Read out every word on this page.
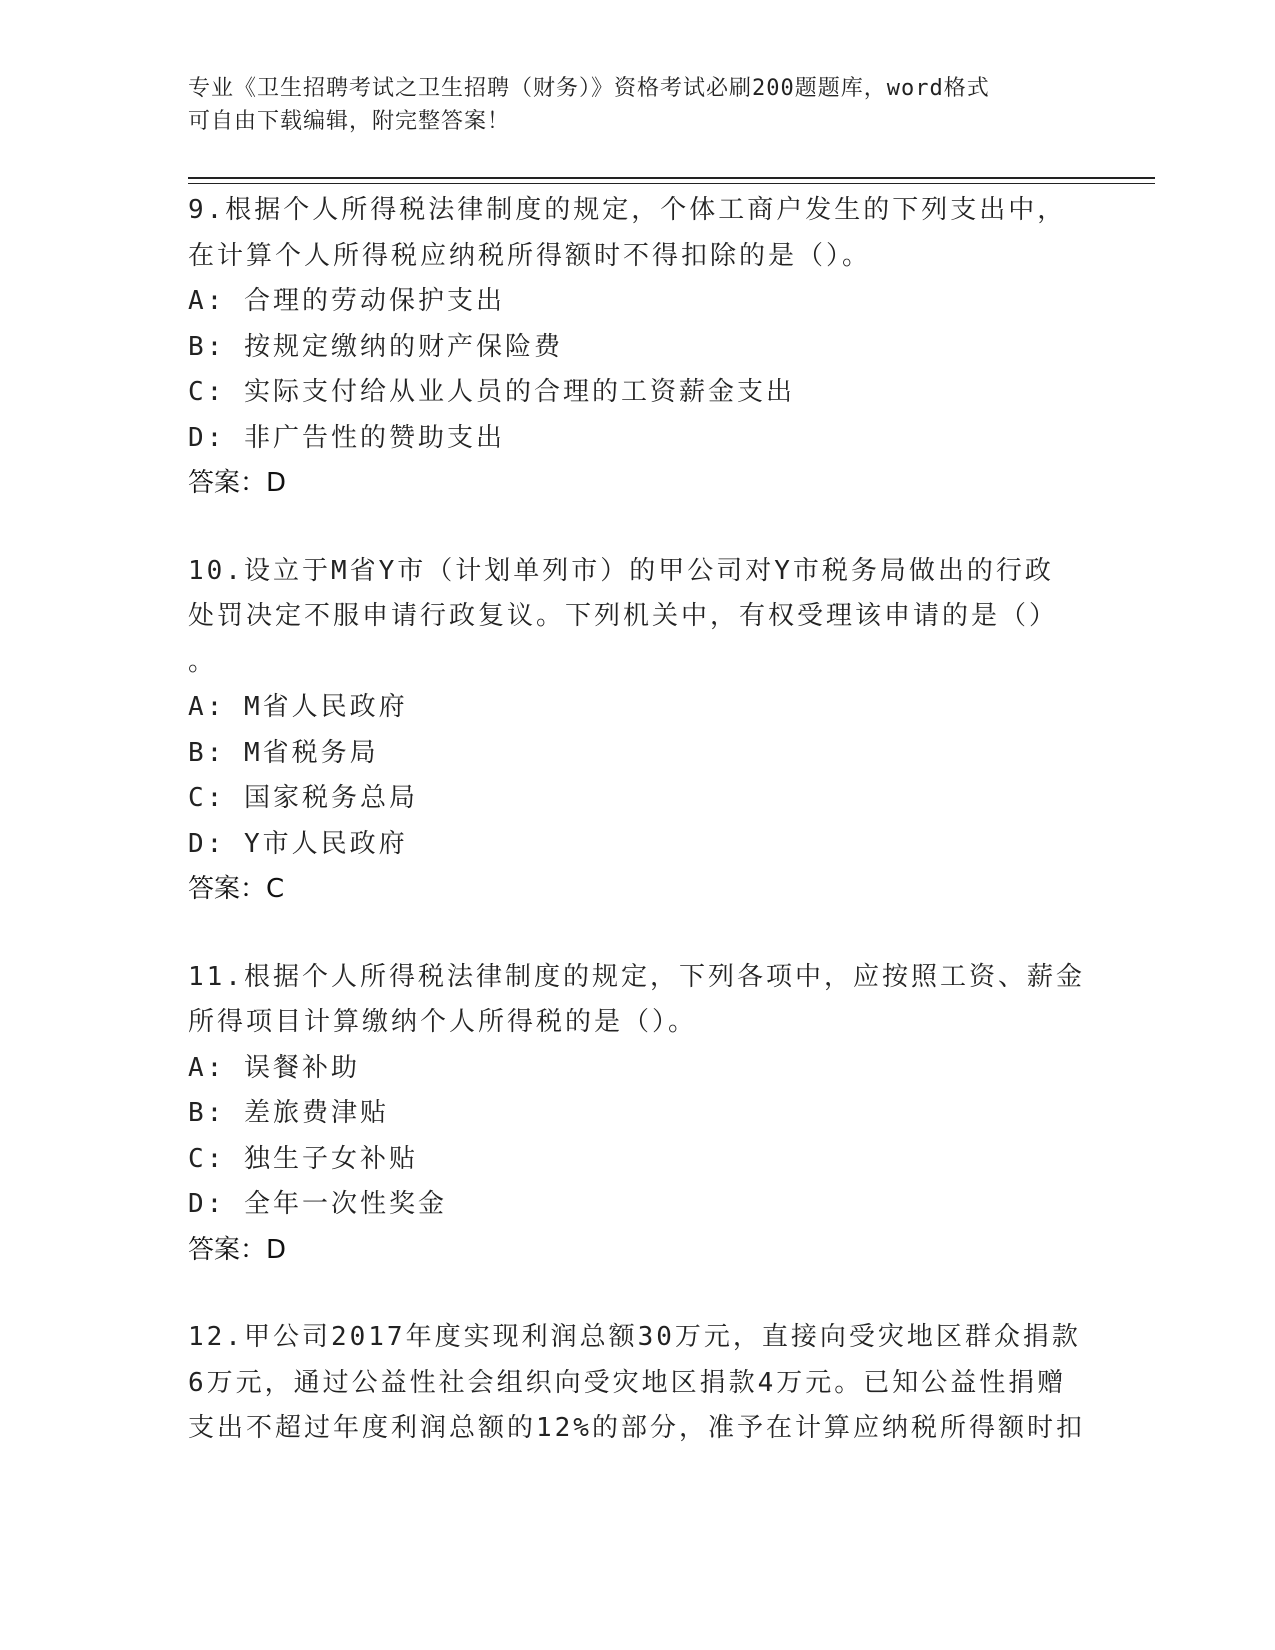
专业《卫生招聘考试之卫生招聘（财务）》资格考试必刷200题题库，word格式
可自由下载编辑，附完整答案！
9.根据个人所得税法律制度的规定，个体工商户发生的下列支出中，
在计算个人所得税应纳税所得额时不得扣除的是（）。
A: 合理的劳动保护支出
B: 按规定缴纳的财产保险费
C: 实际支付给从业人员的合理的工资薪金支出
D: 非广告性的赞助支出
答案：D
10.设立于M省Y市（计划单列市）的甲公司对Y市税务局做出的行政
处罚决定不服申请行政复议。下列机关中，有权受理该申请的是（）
。
A: M省人民政府
B: M省税务局
C: 国家税务总局
D: Y市人民政府
答案：C
11.根据个人所得税法律制度的规定，下列各项中，应按照工资、薪金
所得项目计算缴纳个人所得税的是（）。
A: 误餐补助
B: 差旅费津贴
C: 独生子女补贴
D: 全年一次性奖金
答案：D
12.甲公司2017年度实现利润总额30万元，直接向受灾地区群众捐款
6万元，通过公益性社会组织向受灾地区捐款4万元。已知公益性捐赠
支出不超过年度利润总额的12%的部分，准予在计算应纳税所得额时扣
